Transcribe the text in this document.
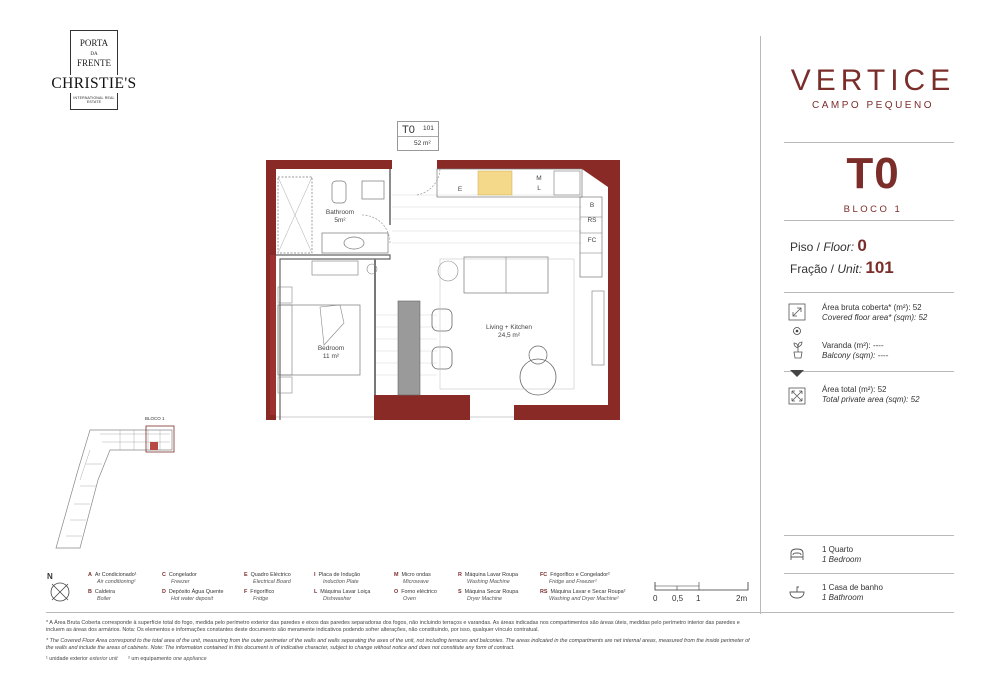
PORTA
DA
FRENTE
CHRISTIE'S
INTERNATIONAL REAL ESTATE
VERTICE
CAMPO PEQUENO
T0
BLOCO 1
Piso / Floor: 0
Fração / Unit: 101
Área bruta coberta* (m²): 52
Covered floor area* (sqm): 52
Varanda (m²): ----
Balcony (sqm): ----
Área total (m²): 52
Total private area (sqm): 52
1 Quarto
1 Bedroom
1 Casa de banho
1 Bathroom
T0 101
52 m²
E
M
L
B
RS
FC
Bathroom
5m²
Bedroom
11 m²
Living + Kitchen
24,5 m²
BLOCO 1
N	A Ar Condicionado¹
Air conditioning¹
B Caldeira
Boiler
C Congelador
Freezer
D Depósito Água Quente
Hot water deposit
E Quadro Eléctrico
Electrical Board
F Frigorífico
Fridge
I Placa de Indução
Induction Plate
L Máquina Lavar Loiça
Dishwasher
M Micro ondas
Microwave
O Forno eléctrico
Oven
R Máquina Lavar Roupa
Washing Machine
S Máquina Secar Roupa
Dryer Machine
FC Frigorífico e Congelador²
Fridge and Freezer²
RS Máquina Lavar e Secar Roupa²
Washing and Dryer Machine²	0 0,5 1	2m
* A Área Bruta Coberta corresponde à superfície total do fogo, medida pelo perímetro exterior das paredes e eixos das paredes separadoras dos fogos, não incluindo terraços e varandas. As áreas indicadas nos compartimentos são áreas úteis, medidas pelo perímetro interior das paredes e incluem as áreas dos armários. Nota: Os elementos e informações constantes deste documento são meramente indicativos podendo sofrer alterações, não constituindo, por isso, qualquer vínculo contratual.
* The Covered Floor Area correspond to the total area of the unit, measuring from the outer perimeter of the walls and walls separating the axes of the unit, not including terraces and balconies. The areas indicated in the compartments are net internal areas, measured from the inside perimeter of the walls and include the areas of cabinets. Note: The information contained in this document is of indicative character, subject to change without notice and does not constitute any form of contract.
¹ unidade exterior exterior unit ² um equipamento one appliance
